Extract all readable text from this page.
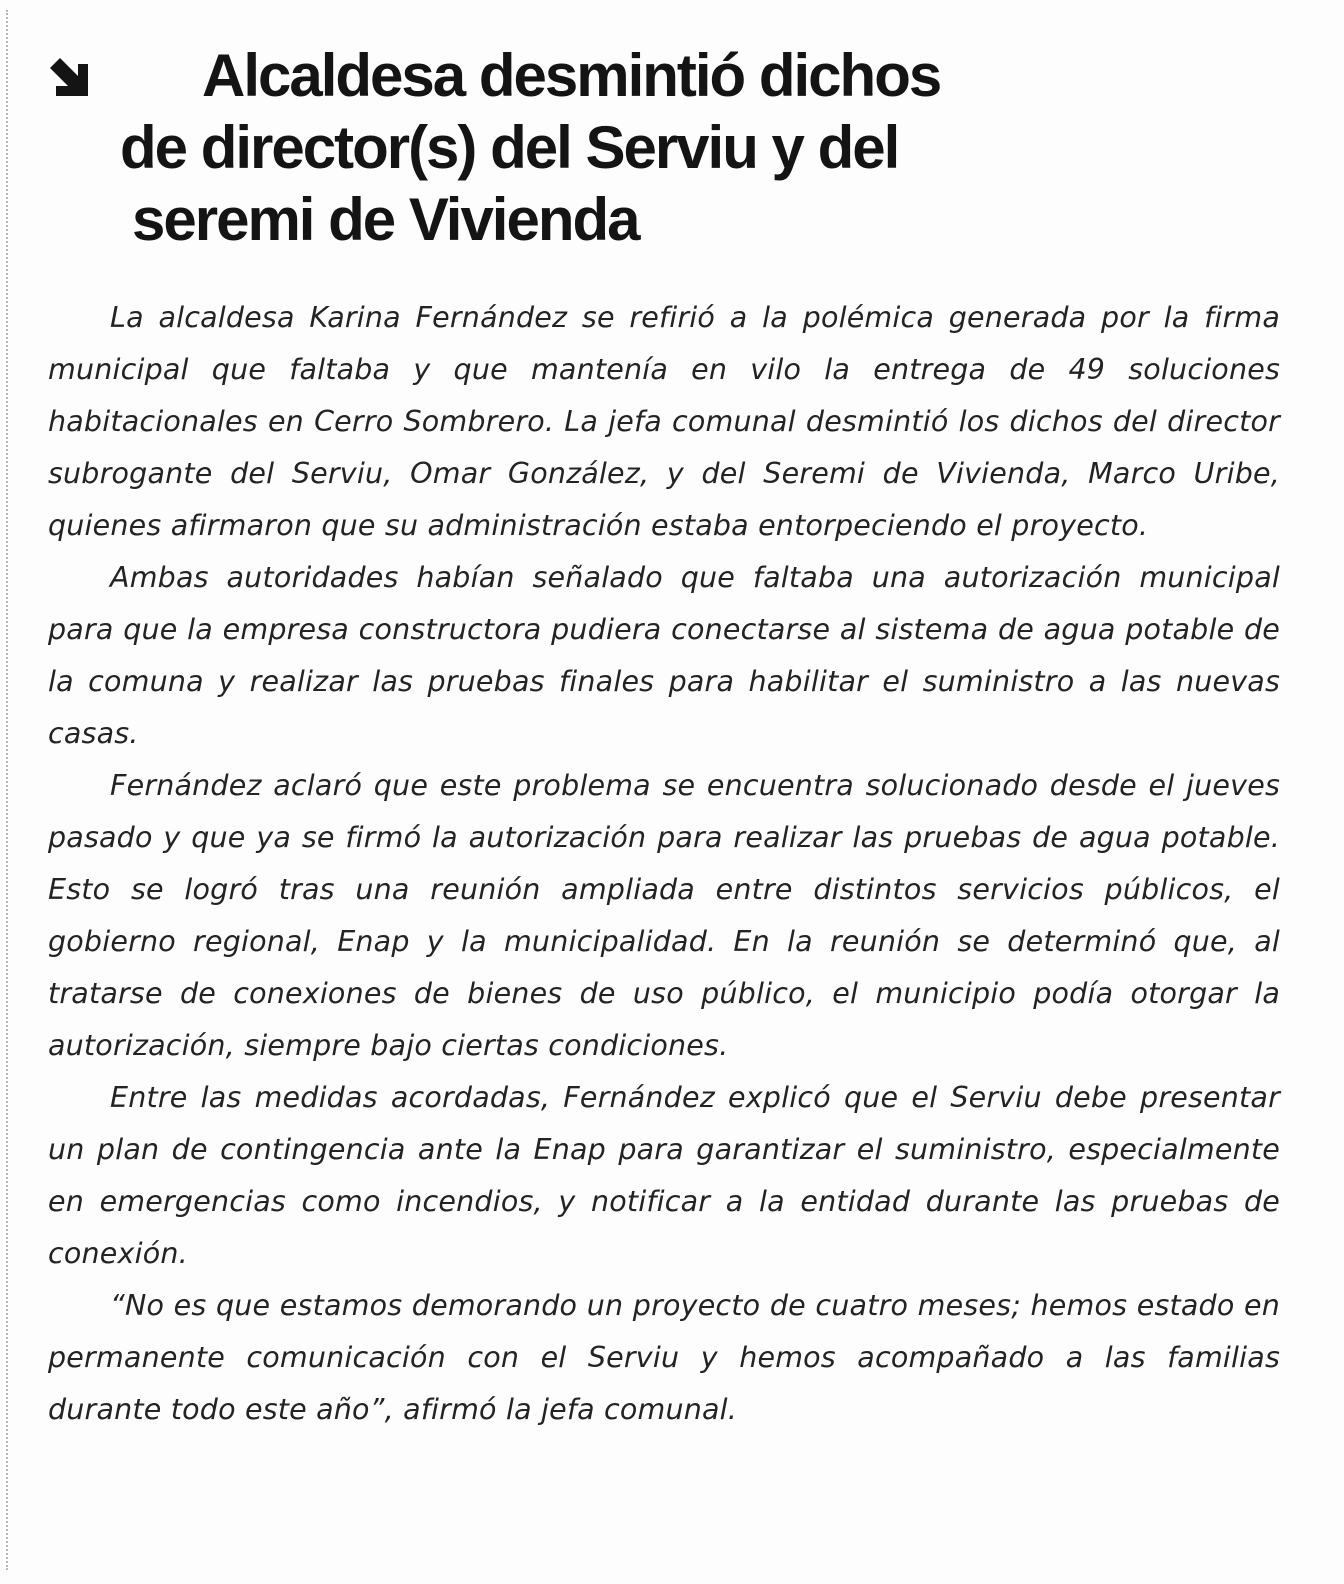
Alcaldesa desmintió dichos
de director(s) del Serviu y del
seremi de Vivienda

La alcaldesa Karina Fernández se refirió a la polémica generada por la firma municipal que faltaba y que mantenía en vilo la entrega de 49 soluciones habitacionales en Cerro Sombrero. La jefa comunal desmintió los dichos del director subrogante del Serviu, Omar González, y del Seremi de Vivienda, Marco Uribe, quienes afirmaron que su administración estaba entorpeciendo el proyecto.

Ambas autoridades habían señalado que faltaba una autorización municipal para que la empresa constructora pudiera conectarse al sistema de agua potable de la comuna y realizar las pruebas finales para habilitar el suministro a las nuevas casas.

Fernández aclaró que este problema se encuentra solucionado desde el jueves pasado y que ya se firmó la autorización para realizar las pruebas de agua potable. Esto se logró tras una reunión ampliada entre distintos servicios públicos, el gobierno regional, Enap y la municipalidad. En la reunión se determinó que, al tratarse de conexiones de bienes de uso público, el municipio podía otorgar la autorización, siempre bajo ciertas condiciones.

Entre las medidas acordadas, Fernández explicó que el Serviu debe presentar un plan de contingencia ante la Enap para garantizar el suministro, especialmente en emergencias como incendios, y notificar a la entidad durante las pruebas de conexión.

“No es que estamos demorando un proyecto de cuatro meses; hemos estado en permanente comunicación con el Serviu y hemos acompañado a las familias durante todo este año”, afirmó la jefa comunal.
